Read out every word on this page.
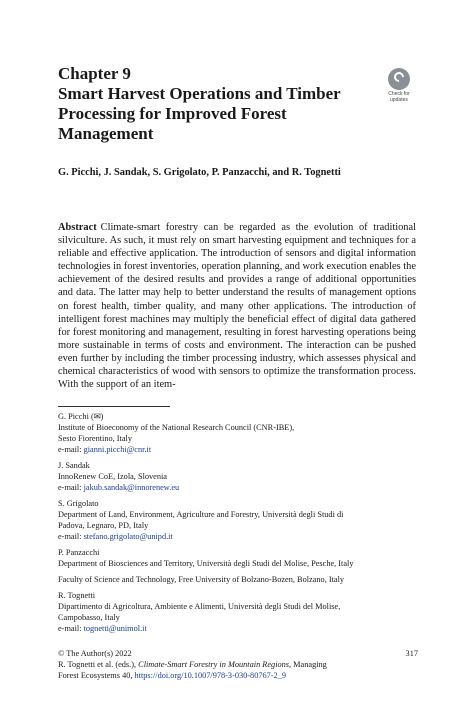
Chapter 9
Smart Harvest Operations and Timber Processing for Improved Forest Management
Check for updates
G. Picchi, J. Sandak, S. Grigolato, P. Panzacchi, and R. Tognetti
Abstract Climate-smart forestry can be regarded as the evolution of traditional silviculture. As such, it must rely on smart harvesting equipment and techniques for a reliable and effective application. The introduction of sensors and digital information technologies in forest inventories, operation planning, and work execution enables the achievement of the desired results and provides a range of additional opportunities and data. The latter may help to better understand the results of management options on forest health, timber quality, and many other applications. The introduction of intelligent forest machines may multiply the beneficial effect of digital data gathered for forest monitoring and management, resulting in forest harvesting operations being more sustainable in terms of costs and environment. The interaction can be pushed even further by including the timber processing industry, which assesses physical and chemical characteristics of wood with sensors to optimize the transformation process. With the support of an item-
G. Picchi (✉)
Institute of Bioeconomy of the National Research Council (CNR-IBE),
Sesto Fiorentino, Italy
e-mail: gianni.picchi@cnr.it
J. Sandak
InnoRenew CoE, Izola, Slovenia
e-mail: jakub.sandak@innorenew.eu
S. Grigolato
Department of Land, Environment, Agriculture and Forestry, Università degli Studi di
Padova, Legnaro, PD, Italy
e-mail: stefano.grigolato@unipd.it
P. Panzacchi
Department of Biosciences and Territory, Università degli Studi del Molise, Pesche, Italy
Faculty of Science and Technology, Free University of Bolzano-Bozen, Bolzano, Italy
R. Tognetti
Dipartimento di Agricoltura, Ambiente e Alimenti, Università degli Studi del Molise,
Campobasso, Italy
e-mail: tognetti@unimol.it
© The Author(s) 2022	317
R. Tognetti et al. (eds.), Climate-Smart Forestry in Mountain Regions, Managing
Forest Ecosystems 40, https://doi.org/10.1007/978-3-030-80767-2_9
